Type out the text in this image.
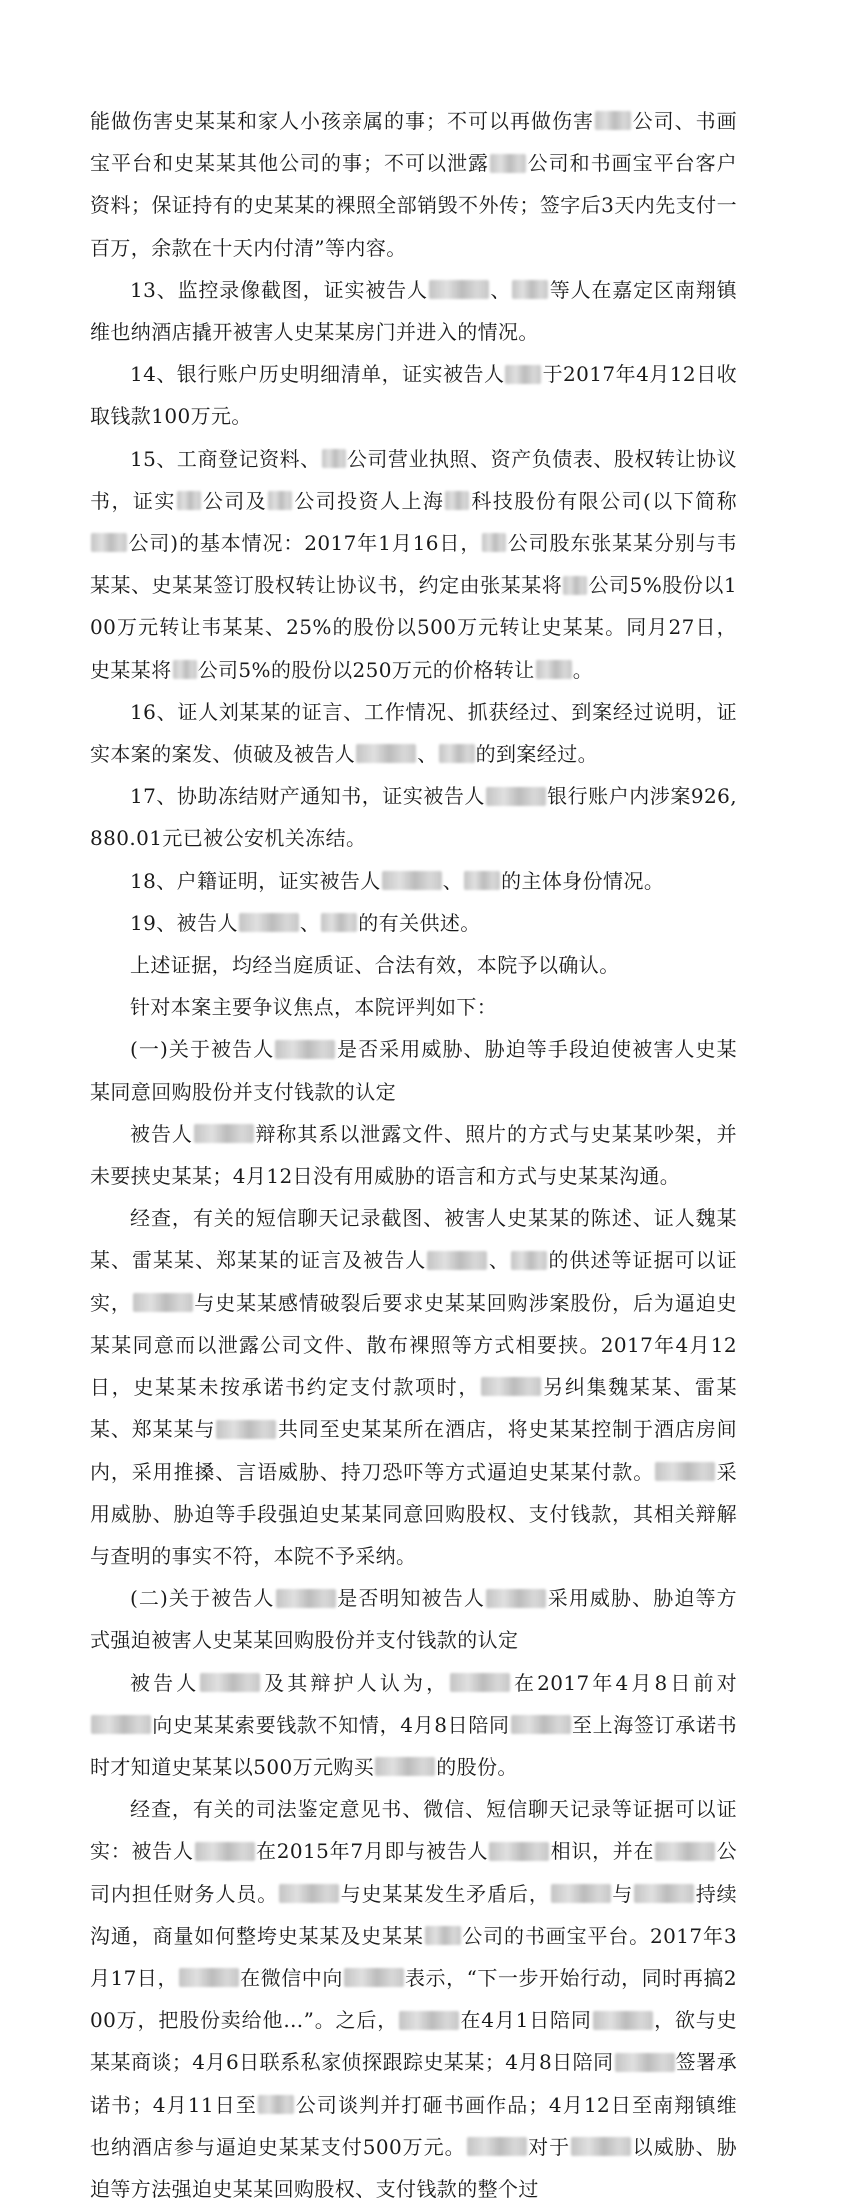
能做伤害史某某和家人小孩亲属的事；不可以再做伤害 公司、书画宝平台和史某某其他公司的事；不可以泄露 公司和书画宝平台客户资料；保证持有的史某某的裸照全部销毁不外传；签字后3天内先支付一百万，余款在十天内付清”等内容。

13、监控录像截图，证实被告人	、 等人在嘉定区南翔镇维也纳酒店撬开被害人史某某房门并进入的情况。

14、银行账户历史明细清单，证实被告人 于2017年4月12日收取钱款100万元。

15、工商登记资料、 公司营业执照、资产负债表、股权转让协议书，证实 公司及 公司投资人上海 科技股份有限公司(以下简称公司)的基本情况：2017年1月16日， 公司股东张某某分别与韦某某、史某某签订股权转让协议书，约定由张某某将 公司5%股份以100万元转让韦某某、25%的股份以500万元转让史某某。同月27日，史某某将 公司5%的股份以250万元的价格转让 。

16、证人刘某某的证言、工作情况、抓获经过、到案经过说明，证实本案的案发、侦破及被告人	、 的到案经过。

17、协助冻结财产通知书，证实被告人	银行账户内涉案926,880.01元已被公安机关冻结。

18、户籍证明，证实被告人	、 的主体身份情况。

19、被告人	、 的有关供述。

上述证据，均经当庭质证、合法有效，本院予以确认。

针对本案主要争议焦点，本院评判如下：

(一)关于被告人	是否采用威胁、胁迫等手段迫使被害人史某某同意回购股份并支付钱款的认定

被告人	辩称其系以泄露文件、照片的方式与史某某吵架，并未要挟史某某；4月12日没有用威胁的语言和方式与史某某沟通。

经查，有关的短信聊天记录截图、被害人史某某的陈述、证人魏某某、雷某某、郑某某的证言及被告人	、 的供述等证据可以证实，	与史某某感情破裂后要求史某某回购涉案股份，后为逼迫史某某同意而以泄露公司文件、散布裸照等方式相要挟。2017年4月12日，史某某未按承诺书约定支付款项时，	另纠集魏某某、雷某某、郑某某与	共同至史某某所在酒店，将史某某控制于酒店房间内，采用推搡、言语威胁、持刀恐吓等方式逼迫史某某付款。	采用威胁、胁迫等手段强迫史某某同意回购股权、支付钱款，其相关辩解与查明的事实不符，本院不予采纳。

(二)关于被告人	是否明知被告人	采用威胁、胁迫等方式强迫被害人史某某回购股份并支付钱款的认定

被告人	及其辩护人认为，	在2017年4月8日前对向史某某索要钱款不知情，4月8日陪同	至上海签订承诺书时才知道史某某以500万元购买	的股份。

经查，有关的司法鉴定意见书、微信、短信聊天记录等证据可以证实：被告人	在2015年7月即与被告人	相识，并在	公司内担任财务人员。	与史某某发生矛盾后，	与	持续沟通，商量如何整垮史某某及史某某 公司的书画宝平台。2017年3月17日，	在微信中向	表示，“下一步开始行动，同时再搞200万，把股份卖给他…”。之后，	在4月1日陪同	，欲与史某某商谈；4月6日联系私家侦探跟踪史某某；4月8日陪同	签署承诺书；4月11日至 公司谈判并打砸书画作品；4月12日至南翔镇维也纳酒店参与逼迫史某某支付500万元。	对于	以威胁、胁迫等方法强迫史某某回购股权、支付钱款的整个过
